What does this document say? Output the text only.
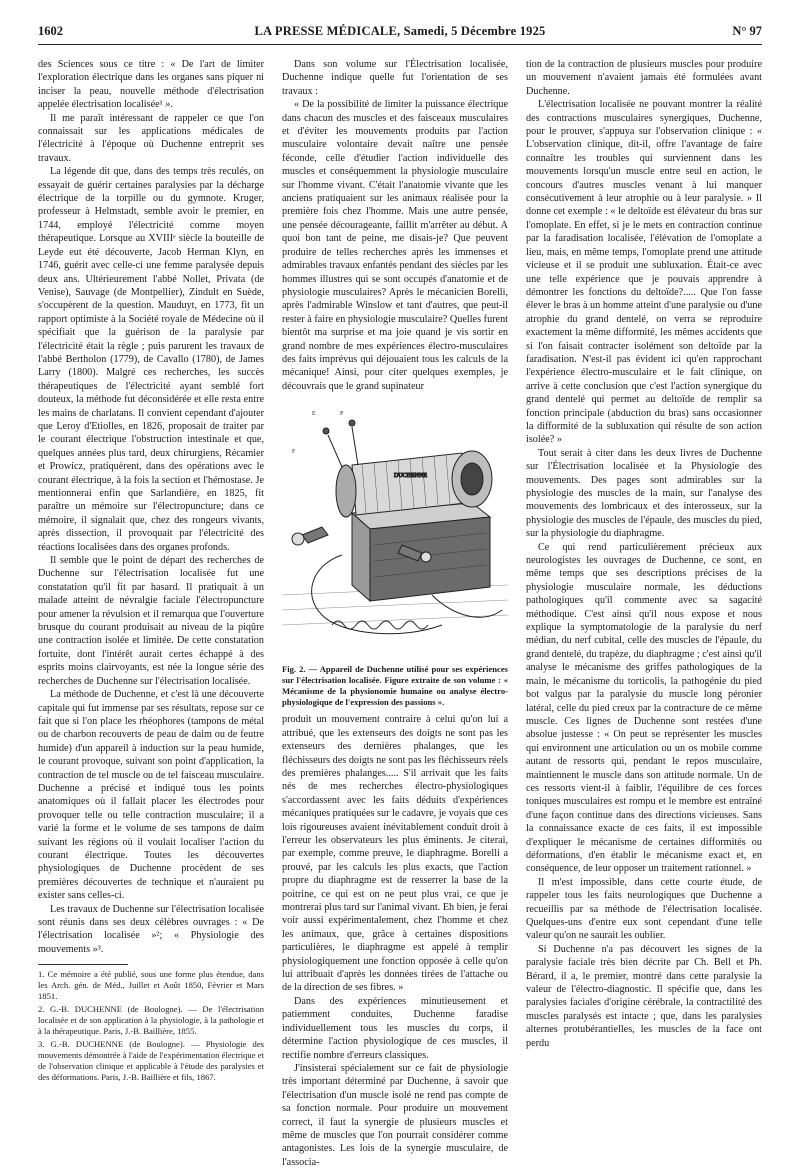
1602	LA PRESSE MÉDICALE, Samedi, 5 Décembre 1925	N° 97

des Sciences sous ce titre : « De l'art de limiter l'exploration électrique dans les organes sans piquer ni inciser la peau, nouvelle méthode d'électrisation appelée électrisation localisée¹ ».

Il me paraît intéressant de rappeler ce que l'on connaissait sur les applications médicales de l'électricité à l'époque où Duchenne entreprit ses travaux.

La légende dit que, dans des temps très reculés, on essayait de guérir certaines paralysies par la décharge électrique de la torpille ou du gymnote. Kruger, professeur à Helmstadt, semble avoir le premier, en 1744, employé l'électricité comme moyen thérapeutique. Lorsque au XVIIIᵉ siècle la bouteille de Leyde eut été découverte, Jacob Herman Klyn, en 1746, guérit avec celle-ci une femme paralysée depuis deux ans. Ultérieurement l'abbé Nollet, Privata (de Venise), Sauvage (de Montpellier), Zindult en Suède, s'occupèrent de la question. Mauduyt, en 1773, fit un rapport optimiste à la Société royale de Médecine où il spécifiait que la guérison de la paralysie par l'électricité était la règle ; puis parurent les travaux de l'abbé Bertholon (1779), de Cavallo (1780), de James Larry (1800). Malgré ces recherches, les succès thérapeutiques de l'électricité ayant semblé fort douteux, la méthode fut déconsidérée et elle resta entre les mains de charlatans. Il convient cependant d'ajouter que Leroy d'Etiolles, en 1826, proposait de traiter par le courant électrique l'obstruction intestinale et que, quelques années plus tard, deux chirurgiens, Récamier et Prowicz, pratiquèrent, dans des opérations avec le courant électrique, à la fois la section et l'hémostase. Je mentionnerai enfin que Sarlandière, en 1825, fit paraître un mémoire sur l'électropuncture; dans ce mémoire, il signalait que, chez des rongeurs vivants, après dissection, il provoquait par l'électricité des réactions localisées dans des organes profonds.

Il semble que le point de départ des recherches de Duchenne sur l'électrisation localisée fut une constatation qu'il fit par hasard. Il pratiquait à un malade atteint de névralgie faciale l'électropuncture pour amener la révulsion et il remarqua que l'ouverture brusque du courant produisait au niveau de la piqûre une contraction isolée et limitée. De cette constatation fortuite, dont l'intérêt aurait certes échappé à des esprits moins clairvoyants, est née la longue série des recherches de Duchenne sur l'électrisation localisée.

La méthode de Duchenne, et c'est là une découverte capitale qui fut immense par ses résultats, repose sur ce fait que si l'on place les rhéophores (tampons de métal ou de charbon recouverts de peau de daim ou de feutre humide) d'un appareil à induction sur la peau humide, le courant provoque, suivant son point d'application, la contraction de tel muscle ou de tel faisceau musculaire. Duchenne a précisé et indiqué tous les points anatomiques où il fallait placer les électrodes pour provoquer telle ou telle contraction musculaire; il a varié la forme et le volume de ses tampons de daim suivant les régions où il voulait localiser l'action du courant électrique. Toutes les découvertes physiologiques de Duchenne procèdent de ses premières découvertes de technique et n'auraient pu exister sans celles-ci.

Les travaux de Duchenne sur l'électrisation localisée sont réunis dans ses deux célèbres ouvrages : « De l'électrisation localisée »²; « Physiologie des mouvements »³.

1. Ce mémoire a été publié, sous une forme plus étendue, dans les Arch. gén. de Méd., Juillet et Août 1850, Février et Mars 1851.

2. G.-B. DUCHENNE (de Boulogne). — De l'électrisation localisée et de son application à la physiologie, à la pathologie et à la thérapeutique. Paris, J.-B. Baillière, 1855.

3. G.-B. DUCHENNE (de Boulogne). — Physiologie des mouvements démontrée à l'aide de l'expérimentation électrique et de l'observation clinique et applicable à l'étude des paralysies et des déformations. Paris, J.-B. Baillière et fils, 1867.

Dans son volume sur l'Électrisation localisée, Duchenne indique quelle fut l'orientation de ses travaux :

« De la possibilité de limiter la puissance électrique dans chacun des muscles et des faisceaux musculaires et d'éviter les mouvements produits par l'action musculaire volontaire devait naître une pensée féconde, celle d'étudier l'action individuelle des muscles et conséquemment la physiologie musculaire sur l'homme vivant. C'était l'anatomie vivante que les anciens pratiquaient sur les animaux réalisée pour la première fois chez l'homme. Mais une autre pensée, une pensée décourageante, faillit m'arrêter au début. A quoi bon tant de peine, me disais-je? Que peuvent produire de telles recherches après les immenses et admirables travaux enfantés pendant des siècles par les hommes illustres qui se sont occupés d'anatomie et de physiologie musculaires? Après le mécanicien Borelli, après l'admirable Winslow et tant d'autres, que peut-il rester à faire en physiologie musculaire? Quelles furent bientôt ma surprise et ma joie quand je vis sortir en grand nombre de mes expériences électro-musculaires des faits imprévus qui déjouaient tous les calculs de la mécanique! Ainsi, pour citer quelques exemples, je découvrais que le grand supinateur

DUCHENNE
E
F
P

Fig. 2. — Appareil de Duchenne utilisé pour ses expériences sur l'électrisation localisée. Figure extraite de son volume : « Mécanisme de la physionomie humaine ou analyse électro-physiologique de l'expression des passions ».

produit un mouvement contraire à celui qu'on lui a attribué, que les extenseurs des doigts ne sont pas les extenseurs des dernières phalanges, que les fléchisseurs des doigts ne sont pas les fléchisseurs réels des premières phalanges..... S'il arrivait que les faits nés de mes recherches électro-physiologiques s'accordassent avec les faits déduits d'expériences mécaniques pratiquées sur le cadavre, je voyais que ces lois rigoureuses avaient inévitablement conduit droit à l'erreur les observateurs les plus éminents. Je citerai, par exemple, comme preuve, le diaphragme. Borelli a prouvé, par les calculs les plus exacts, que l'action propre du diaphragme est de resserrer la base de la poitrine, ce qui est on ne peut plus vrai, ce que je montrerai plus tard sur l'animal vivant. Eh bien, je ferai voir aussi expérimentalement, chez l'homme et chez les animaux, que, grâce à certaines dispositions particulières, le diaphragme est appelé à remplir physiologiquement une fonction opposée à celle qu'on lui attribuait d'après les données tirées de l'attache ou de la direction de ses fibres. »

Dans des expériences minutieusement et patiemment conduites, Duchenne faradise individuellement tous les muscles du corps, il détermine l'action physiologique de ces muscles, il rectifie nombre d'erreurs classiques.

J'insisterai spécialement sur ce fait de physiologie très important déterminé par Duchenne, à savoir que l'électrisation d'un muscle isolé ne rend pas compte de sa fonction normale. Pour produire un mouvement correct, il faut la synergie de plusieurs muscles et même de muscles que l'on pourrait considérer comme antagonistes. Les lois de la synergie musculaire, de l'associa-

tion de la contraction de plusieurs muscles pour produire un mouvement n'avaient jamais été formulées avant Duchenne.

L'électrisation localisée ne pouvant montrer la réalité des contractions musculaires synergiques, Duchenne, pour le prouver, s'appuya sur l'observation clinique : « L'observation clinique, dit-il, offre l'avantage de faire connaître les troubles qui surviennent dans les mouvements lorsqu'un muscle entre seul en action, le concours d'autres muscles venant à lui manquer consécutivement à leur atrophie ou à leur paralysie. » Il donne cet exemple : « le deltoïde est élévateur du bras sur l'omoplate. En effet, si je le mets en contraction continue par la faradisation localisée, l'élévation de l'omoplate a lieu, mais, en même temps, l'omoplate prend une attitude vicieuse et il se produit une subluxation. Était-ce avec une telle expérience que je pouvais apprendre à démontrer les fonctions du deltoïde?..... Que l'on fasse élever le bras à un homme atteint d'une paralysie ou d'une atrophie du grand dentelé, on verra se reproduire exactement la même difformité, les mêmes accidents que si l'on faisait contracter isolément son deltoïde par la faradisation. N'est-il pas évident ici qu'en rapprochant l'expérience électro-musculaire et le fait clinique, on arrive à cette conclusion que c'est l'action synergique du grand dentelé qui permet au deltoïde de remplir sa fonction principale (abduction du bras) sans occasionner la difformité de la subluxation qui résulte de son action isolée? »

Tout serait à citer dans les deux livres de Duchenne sur l'Électrisation localisée et la Physiologie des mouvements. Des pages sont admirables sur la physiologie des muscles de la main, sur l'analyse des mouvements des lombricaux et des interosseux, sur la physiologie des muscles de l'épaule, des muscles du pied, sur la physiologie du diaphragme.

Ce qui rend particulièrement précieux aux neurologistes les ouvrages de Duchenne, ce sont, en même temps que ses descriptions précises de la physiologie musculaire normale, les déductions pathologiques qu'il commente avec sa sagacité méthodique. C'est ainsi qu'il nous expose et nous explique la symptomatologie de la paralysie du nerf médian, du nerf cubital, celle des muscles de l'épaule, du grand dentelé, du trapèze, du diaphragme ; c'est ainsi qu'il analyse le mécanisme des griffes pathologiques de la main, le mécanisme du torticolis, la pathogénie du pied bot valgus par la paralysie du muscle long péronier latéral, celle du pied creux par la contracture de ce même muscle. Ces lignes de Duchenne sont restées d'une absolue justesse : « On peut se représenter les muscles qui environnent une articulation ou un os mobile comme autant de ressorts qui, pendant le repos musculaire, maintiennent le muscle dans son attitude normale. Un de ces ressorts vient-il à faiblir, l'équilibre de ces forces toniques musculaires est rompu et le membre est entraîné d'une façon continue dans des directions vicieuses. Sans la connaissance exacte de ces faits, il est impossible d'expliquer le mécanisme de certaines difformités ou déformations, d'en établir le mécanisme exact et, en conséquence, de leur opposer un traitement rationnel. »

Il m'est impossible, dans cette courte étude, de rappeler tous les faits neurologiques que Duchenne a recueillis par sa méthode de l'électrisation localisée. Quelques-uns d'entre eux sont cependant d'une telle valeur qu'on ne saurait les oublier.

Si Duchenne n'a pas découvert les signes de la paralysie faciale très bien décrite par Ch. Bell et Ph. Bérard, il a, le premier, montré dans cette paralysie la valeur de l'électro-diagnostic. Il spécifie que, dans les paralysies faciales d'origine cérébrale, la contractilité des muscles paralysés est intacte ; que, dans les paralysies alternes protubérantielles, les muscles de la face ont perdu
